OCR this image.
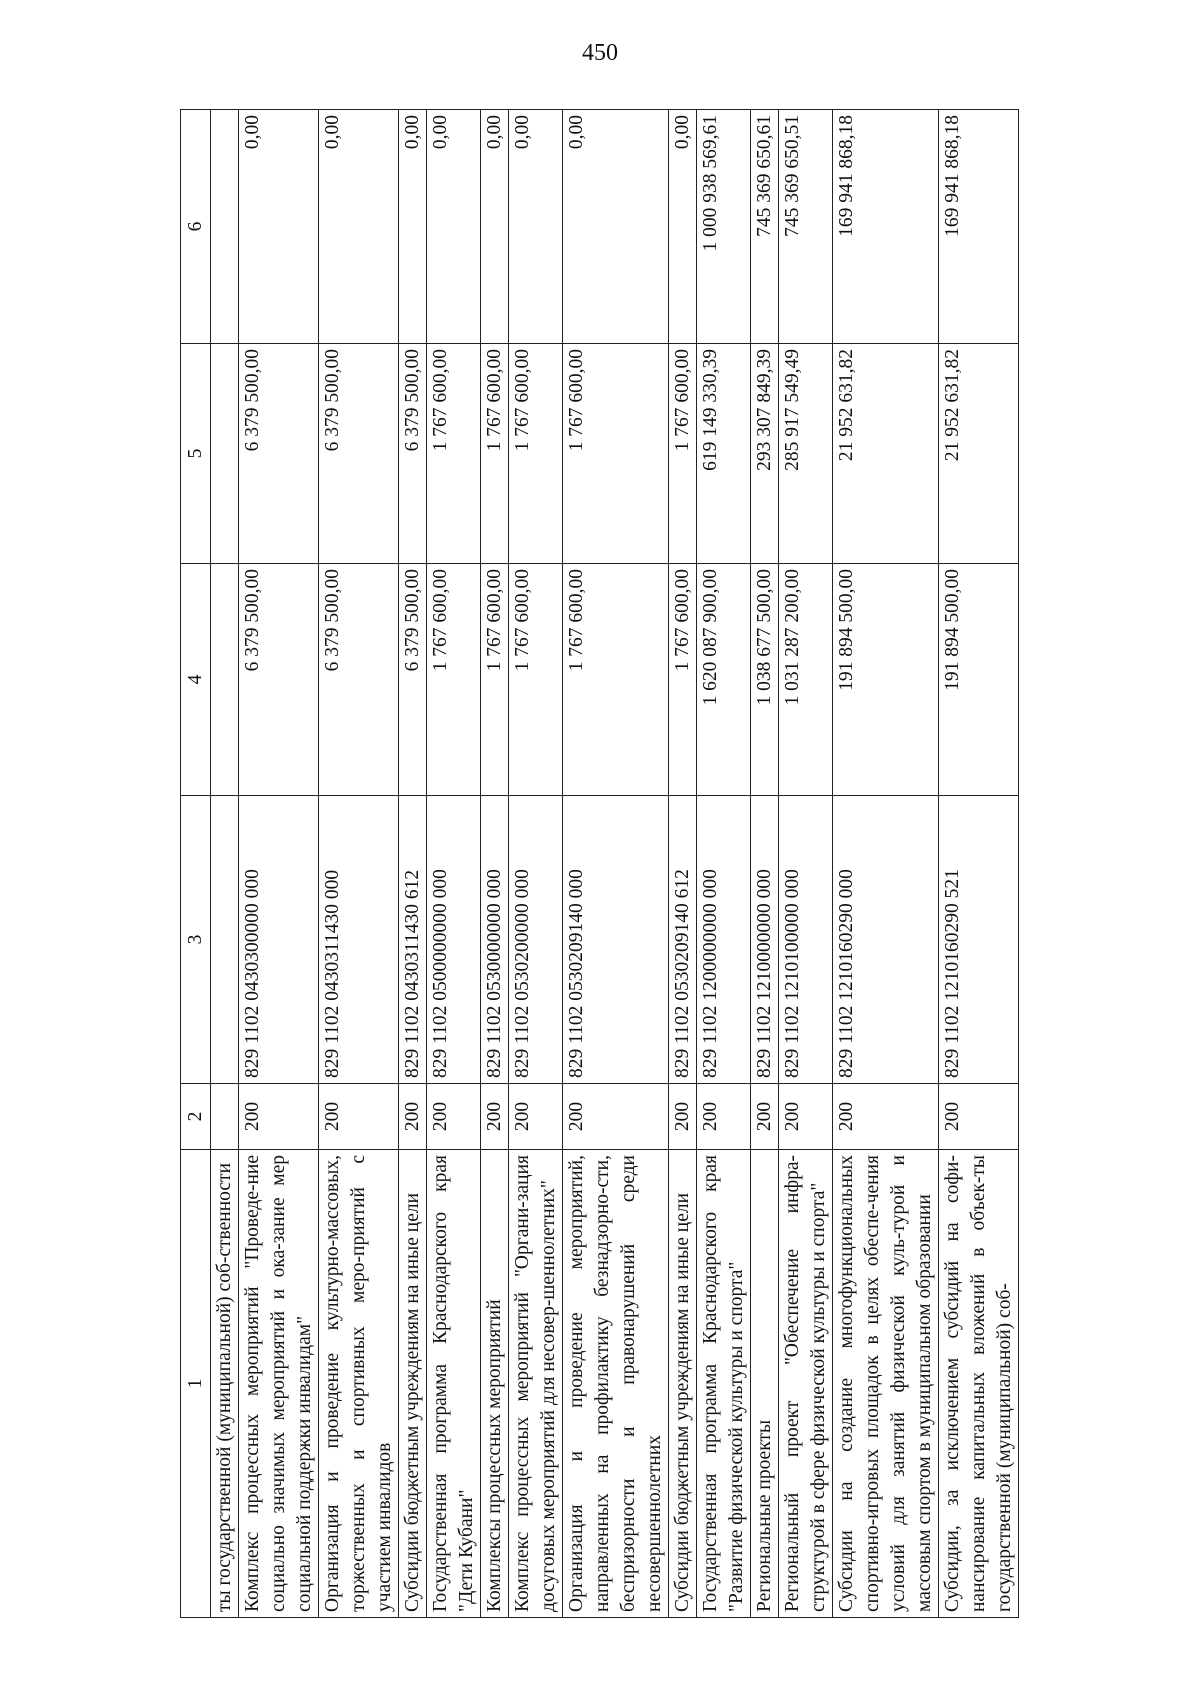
450
1	2	3	4	5	6
ты государственной (муниципальной) соб-ственности					
Комплекс процессных мероприятий "Проведе-ние социально значимых мероприятий и ока-зание мер социальной поддержки инвалидам"	200	829 1102 0430300000 000	6 379 500,00	6 379 500,00	0,00
Организация и проведение культурно-массовых, торжественных и спортивных меро-приятий с участием инвалидов	200	829 1102 0430311430 000	6 379 500,00	6 379 500,00	0,00
Субсидии бюджетным учреждениям на иные цели	200	829 1102 0430311430 612	6 379 500,00	6 379 500,00	0,00
Государственная программа Краснодарского края "Дети Кубани"	200	829 1102 0500000000 000	1 767 600,00	1 767 600,00	0,00
Комплексы процессных мероприятий	200	829 1102 0530000000 000	1 767 600,00	1 767 600,00	0,00
Комплекс процессных мероприятий "Органи-зация досуговых мероприятий для несовер-шеннолетних"	200	829 1102 0530200000 000	1 767 600,00	1 767 600,00	0,00
Организация и проведение мероприятий, направленных на профилактику безнадзорно-сти, беспризорности и правонарушений среди несовершеннолетних	200	829 1102 0530209140 000	1 767 600,00	1 767 600,00	0,00
Субсидии бюджетным учреждениям на иные цели	200	829 1102 0530209140 612	1 767 600,00	1 767 600,00	0,00
Государственная программа Краснодарского края "Развитие физической культуры и спорта"	200	829 1102 1200000000 000	1 620 087 900,00	619 149 330,39	1 000 938 569,61
Региональные проекты	200	829 1102 1210000000 000	1 038 677 500,00	293 307 849,39	745 369 650,61
Региональный проект "Обеспечение инфра-структурой в сфере физической культуры и спорта"	200	829 1102 1210100000 000	1 031 287 200,00	285 917 549,49	745 369 650,51
Субсидии на создание многофункциональных спортивно-игровых площадок в целях обеспе-чения условий для занятий физической куль-турой и массовым спортом в муниципальном образовании	200	829 1102 1210160290 000	191 894 500,00	21 952 631,82	169 941 868,18
Субсидии, за исключением субсидий на софи-нансирование капитальных вложений в объек-ты государственной (муниципальной) соб-	200	829 1102 1210160290 521	191 894 500,00	21 952 631,82	169 941 868,18
